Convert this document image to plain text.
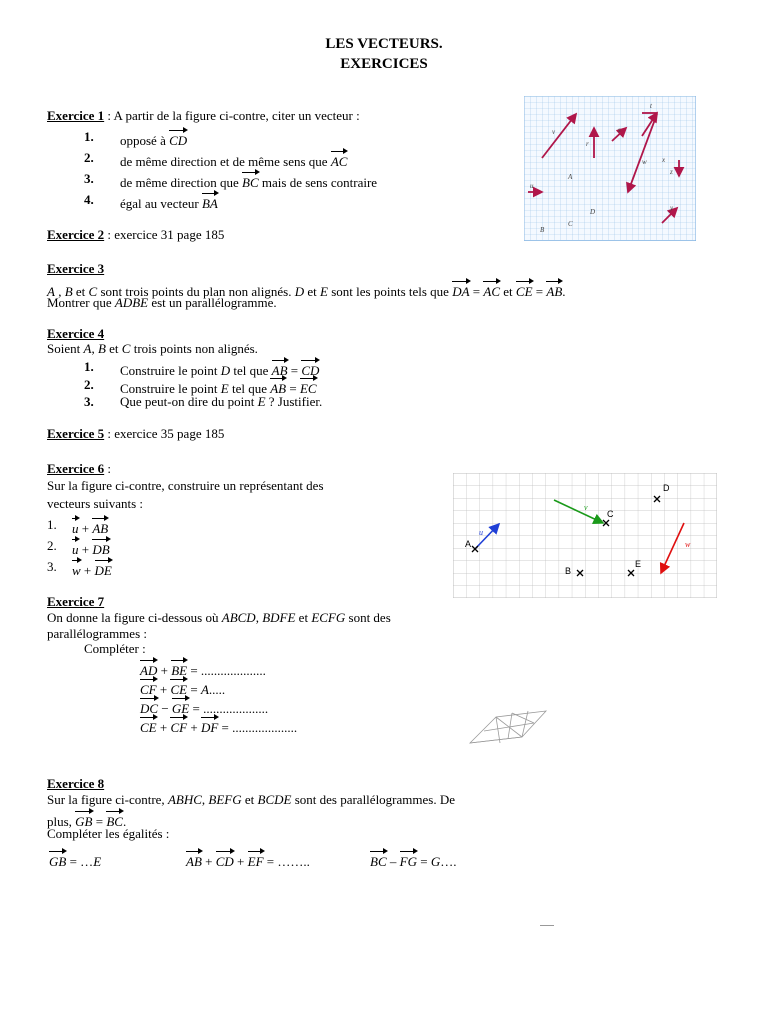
LES VECTEURS.
EXERCICES
Exercice 1 : A partir de la figure ci-contre, citer un vecteur :
1. opposé à CD
2. de même direction et de même sens que AC
3. de même direction que BC mais de sens contraire
4. égal au vecteur BA
v
r
s
t
w
u
A
D
C
B
x
y
z
Exercice 2 : exercice 31 page 185
Exercice 3
A , B et C sont trois points du plan non alignés. D et E sont les points tels que DA = AC et CE = AB.
Montrer que ADBE est un parallélogramme.
Exercice 4
Soient A, B et C trois points non alignés.
1. Construire le point D tel que AB = CD
2. Construire le point E tel que AB = EC
3. Que peut-on dire du point E ? Justifier.
Exercice 5 : exercice 35 page 185
Exercice 6 :
Sur la figure ci-contre, construire un représentant des
vecteurs suivants :
1. u + AB
2. u + DB
3. w + DE
A
B
C
D
E
u
v
w
Exercice 7
On donne la figure ci-dessous où ABCD, BDFE et ECFG sont des
parallélogrammes :
Compléter :
AD + BE = ....................
CF + CE = A.....
DC − GE = ....................
CE + CF + DF = ....................
Exercice 8
Sur la figure ci-contre, ABHC, BEFG et BCDE sont des parallélogrammes. De
plus, GB = BC.
Compléter les égalités :
GB = …E	AB + CD + EF = ……..	BC – FG = G….
